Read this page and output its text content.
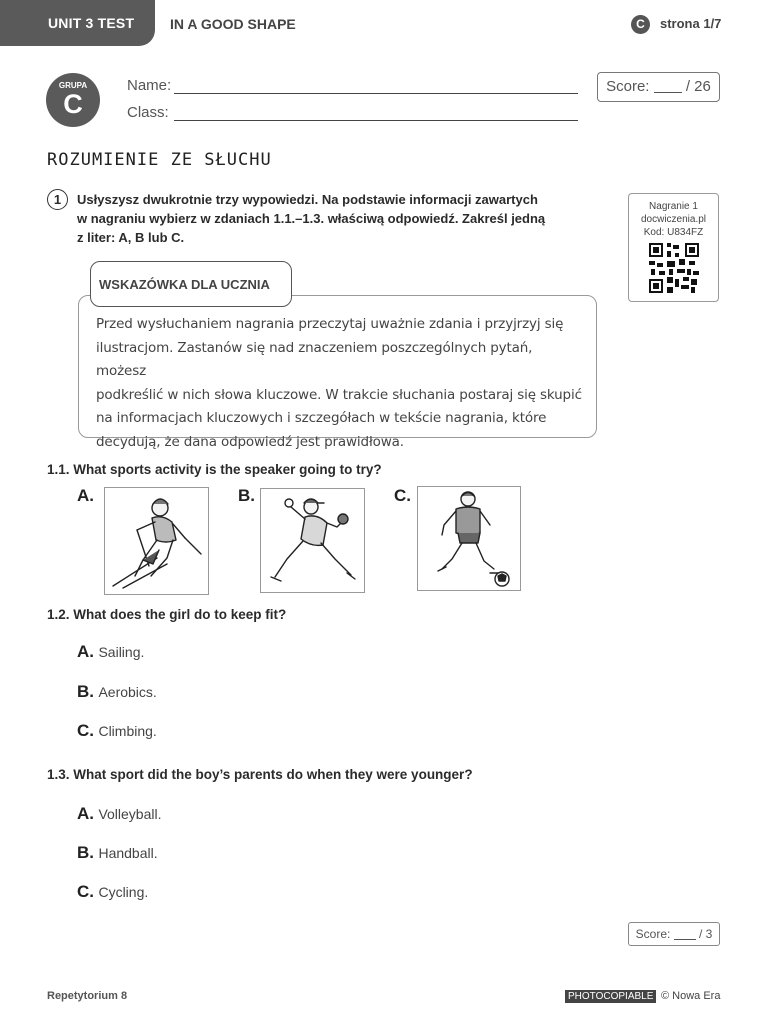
UNIT 3 TEST	IN A GOOD SHAPE	C	strona 1/7
GRUPA
C
Name:
Class:
Score: / 26
ROZUMIENIE ZE SŁUCHU
1	Usłyszysz dwukrotnie trzy wypowiedzi. Na podstawie informacji zawartych
w nagraniu wybierz w zdaniach 1.1.–1.3. właściwą odpowiedź. Zakreśl jedną
z liter: A, B lub C.
Nagranie 1
docwiczenia.pl
Kod: U834FZ
WSKAZÓWKA DLA UCZNIA
Przed wysłuchaniem nagrania przeczytaj uważnie zdania i przyjrzyj się
ilustracjom. Zastanów się nad znaczeniem poszczególnych pytań, możesz
podkreślić w nich słowa kluczowe. W trakcie słuchania postaraj się skupić
na informacjach kluczowych i szczegółach w tekście nagrania, które
decydują, że dana odpowiedź jest prawidłowa.
1.1. What sports activity is the speaker going to try?
A.	B.	C.
1.2. What does the girl do to keep fit?
A. Sailing.
B. Aerobics.
C. Climbing.
1.3. What sport did the boy’s parents do when they were younger?
A. Volleyball.
B. Handball.
C. Cycling.
Score: / 3
Repetytorium 8	PHOTOCOPIABLE © Nowa Era
